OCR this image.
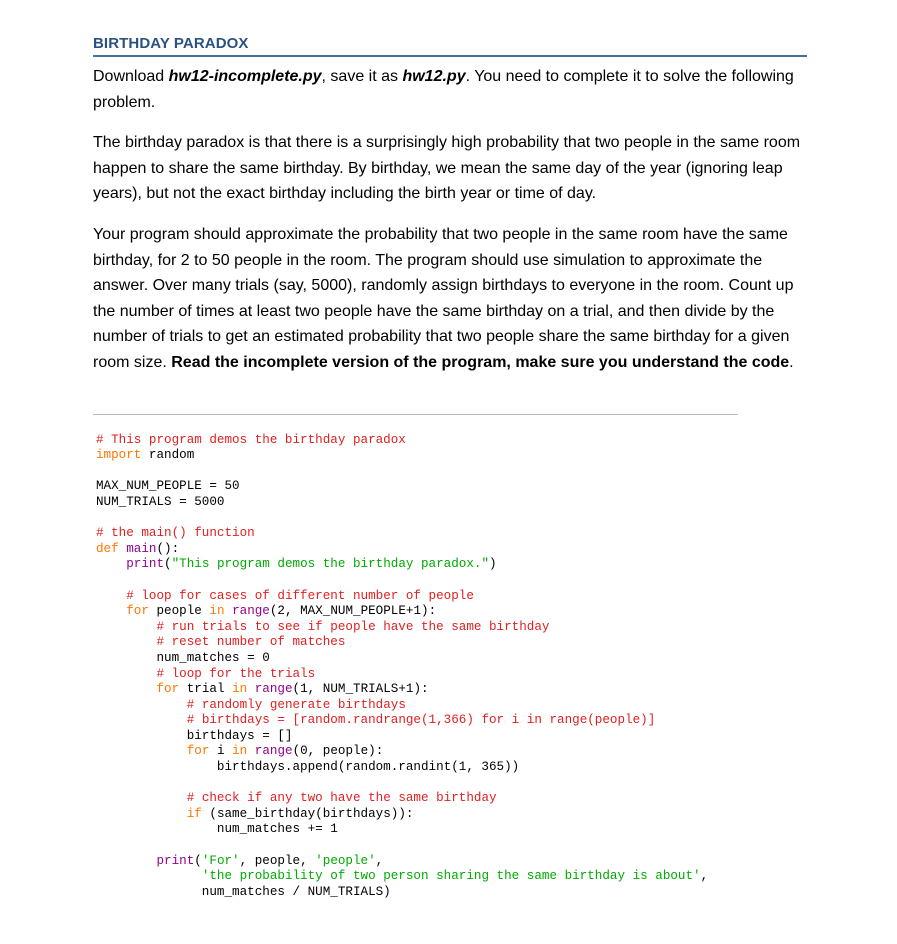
BIRTHDAY PARADOX
Download hw12-incomplete.py, save it as hw12.py. You need to complete it to solve the following problem.
The birthday paradox is that there is a surprisingly high probability that two people in the same room happen to share the same birthday. By birthday, we mean the same day of the year (ignoring leap years), but not the exact birthday including the birth year or time of day.
Your program should approximate the probability that two people in the same room have the same birthday, for 2 to 50 people in the room. The program should use simulation to approximate the answer. Over many trials (say, 5000), randomly assign birthdays to everyone in the room. Count up the number of times at least two people have the same birthday on a trial, and then divide by the number of trials to get an estimated probability that two people share the same birthday for a given room size. Read the incomplete version of the program, make sure you understand the code.

# This program demos the birthday paradox
import random
MAX_NUM_PEOPLE = 50
NUM_TRIALS = 5000
# the main() function
def main():
print("This program demos the birthday paradox.")
# loop for cases of different number of people
for people in range(2, MAX_NUM_PEOPLE+1):
# run trials to see if people have the same birthday
# reset number of matches
num_matches = 0
# loop for the trials
for trial in range(1, NUM_TRIALS+1):
# randomly generate birthdays
# birthdays = [random.randrange(1,366) for i in range(people)]
birthdays = []
for i in range(0, people):
birthdays.append(random.randint(1, 365))
# check if any two have the same birthday
if (same_birthday(birthdays)):
num_matches += 1
print('For', people, 'people',
'the probability of two person sharing the same birthday is about',
num_matches / NUM_TRIALS)
